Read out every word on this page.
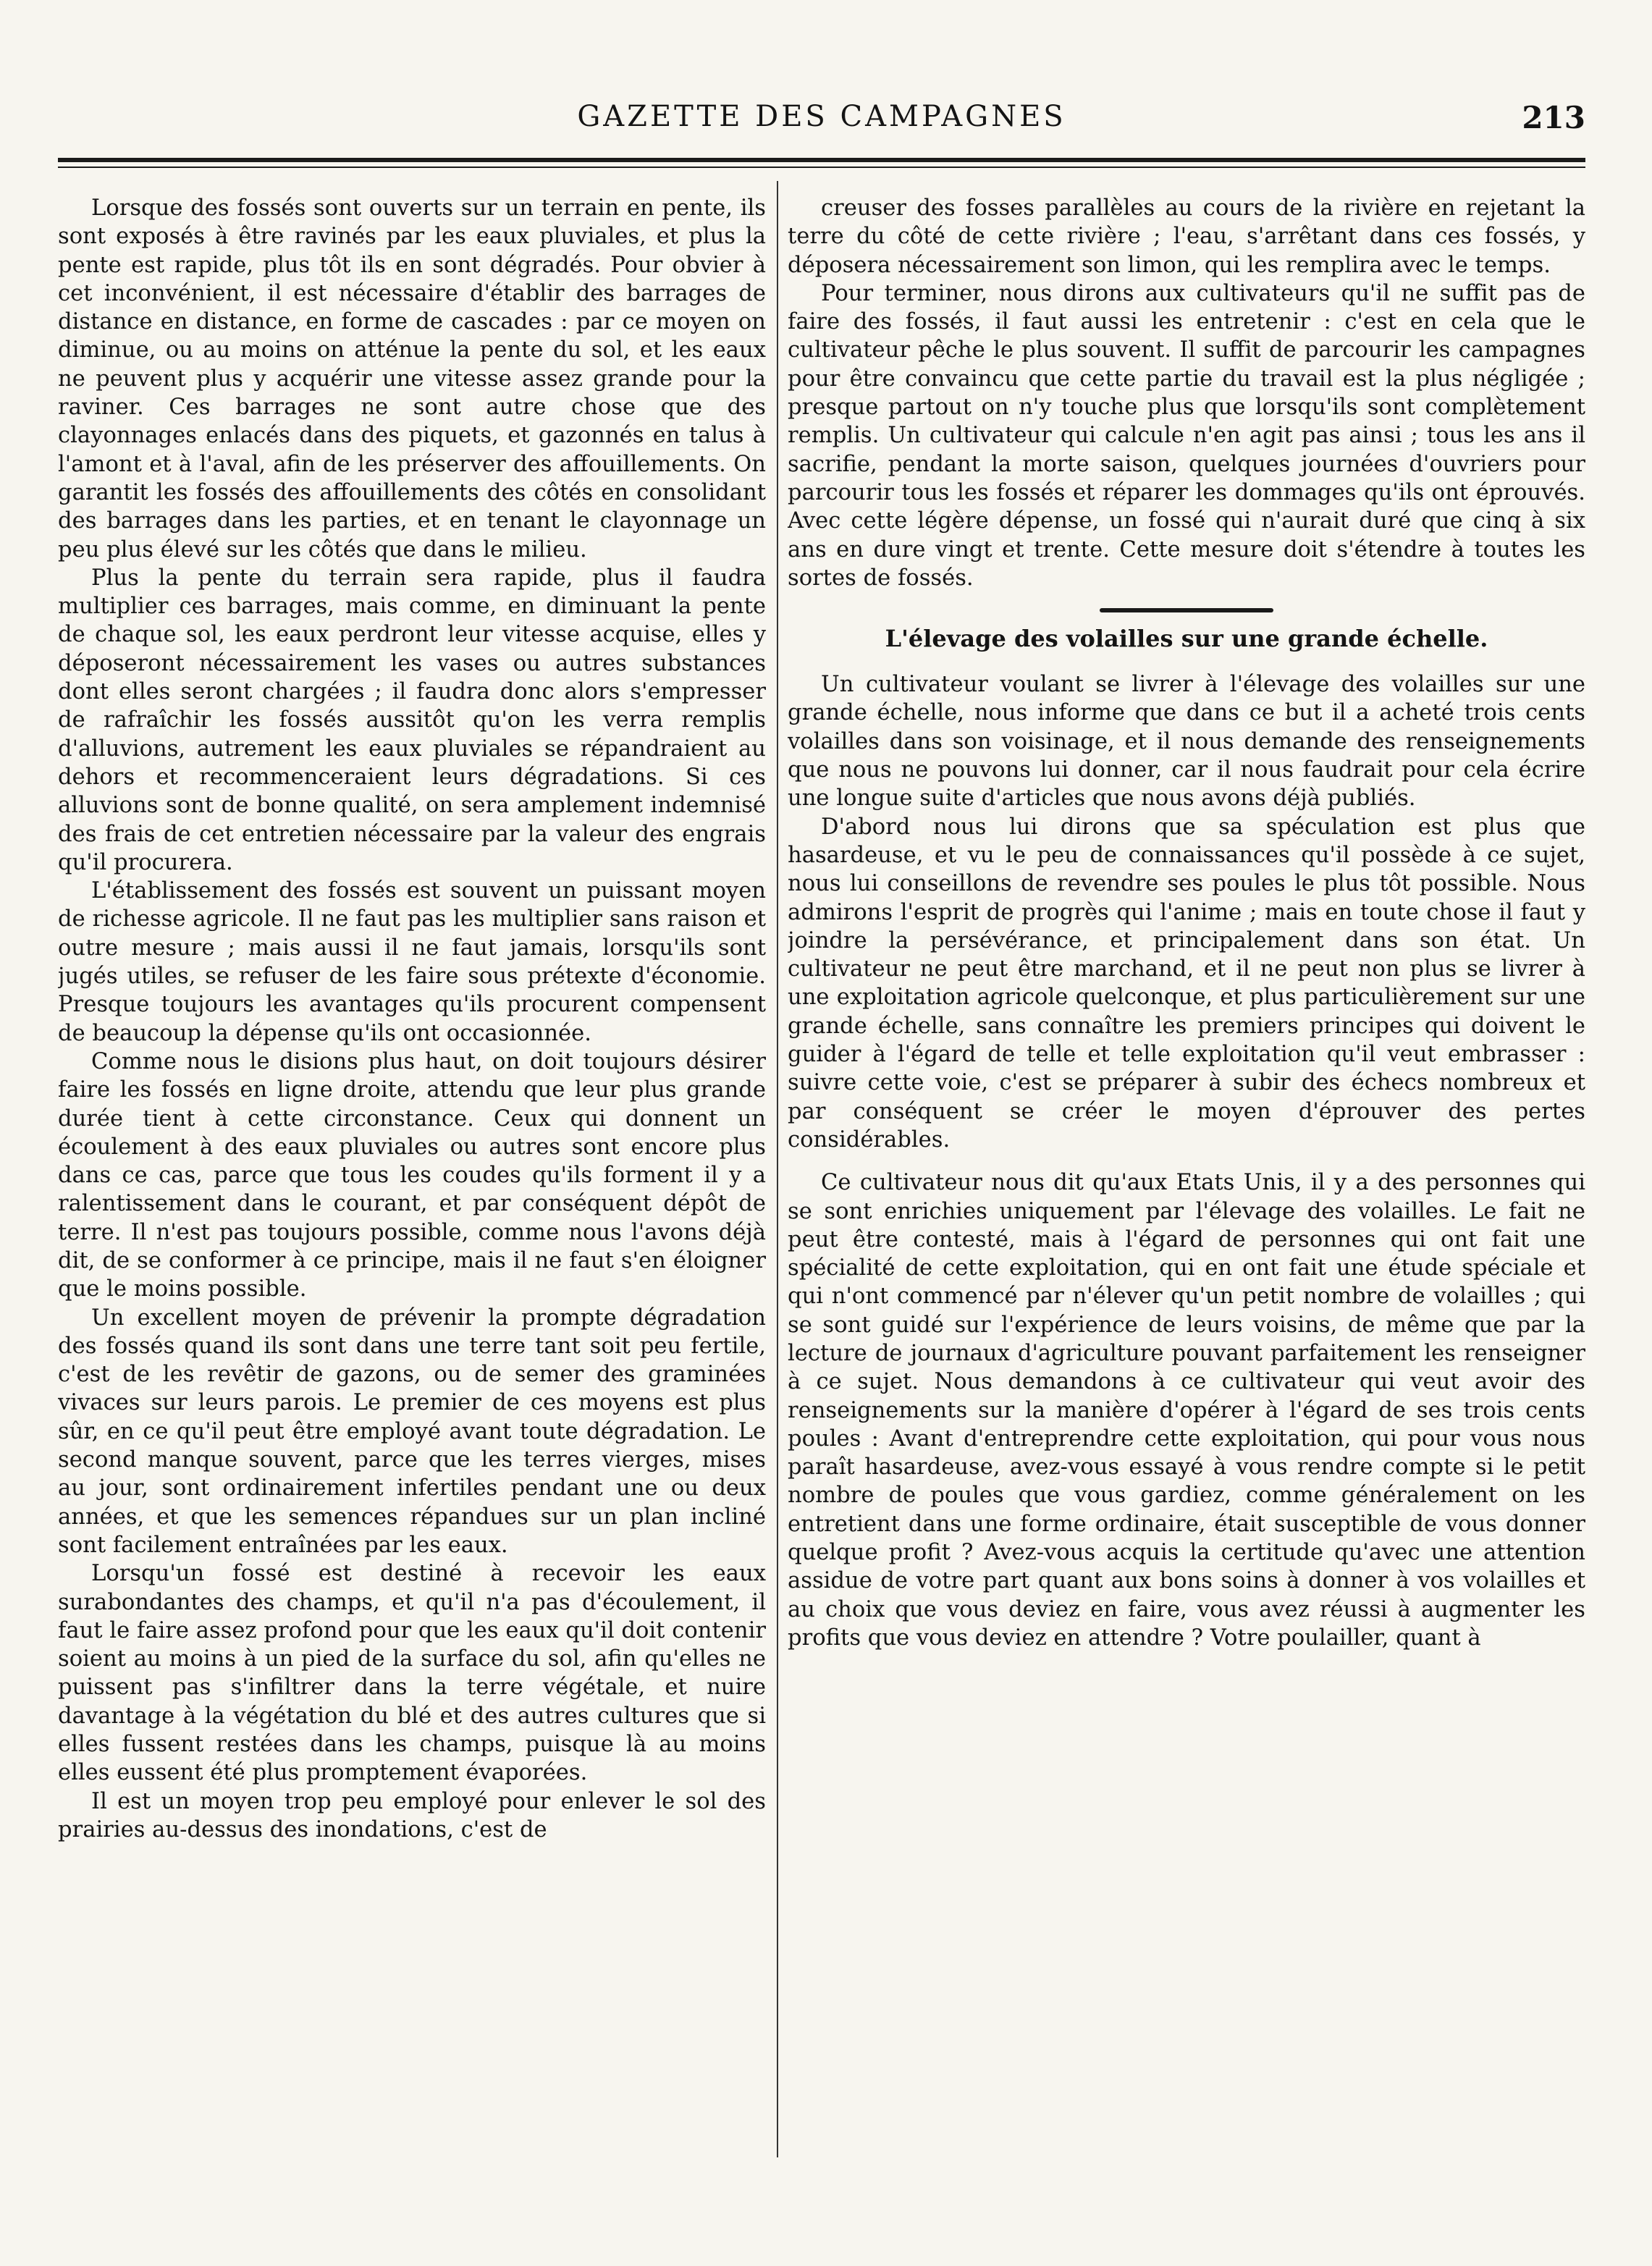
GAZETTE DES CAMPAGNES	213

Lorsque des fossés sont ouverts sur un terrain en pente, ils sont exposés à être ravinés par les eaux pluviales, et plus la pente est rapide, plus tôt ils en sont dégradés. Pour obvier à cet inconvénient, il est nécessaire d'établir des barrages de distance en distance, en forme de cascades : par ce moyen on diminue, ou au moins on atténue la pente du sol, et les eaux ne peuvent plus y acquérir une vitesse assez grande pour la raviner. Ces barrages ne sont autre chose que des clayonnages enlacés dans des piquets, et gazonnés en talus à l'amont et à l'aval, afin de les préserver des affouillements. On garantit les fossés des affouillements des côtés en consolidant des barrages dans les parties, et en tenant le clayonnage un peu plus élevé sur les côtés que dans le milieu.

Plus la pente du terrain sera rapide, plus il faudra multiplier ces barrages, mais comme, en diminuant la pente de chaque sol, les eaux perdront leur vitesse acquise, elles y déposeront nécessairement les vases ou autres substances dont elles seront chargées ; il faudra donc alors s'empresser de rafraîchir les fossés aussitôt qu'on les verra remplis d'alluvions, autrement les eaux pluviales se répandraient au dehors et recommenceraient leurs dégradations. Si ces alluvions sont de bonne qualité, on sera amplement indemnisé des frais de cet entretien nécessaire par la valeur des engrais qu'il procurera.

L'établissement des fossés est souvent un puissant moyen de richesse agricole. Il ne faut pas les multiplier sans raison et outre mesure ; mais aussi il ne faut jamais, lorsqu'ils sont jugés utiles, se refuser de les faire sous prétexte d'économie. Presque toujours les avantages qu'ils procurent compensent de beaucoup la dépense qu'ils ont occasionnée.

Comme nous le disions plus haut, on doit toujours désirer faire les fossés en ligne droite, attendu que leur plus grande durée tient à cette circonstance. Ceux qui donnent un écoulement à des eaux pluviales ou autres sont encore plus dans ce cas, parce que tous les coudes qu'ils forment il y a ralentissement dans le courant, et par conséquent dépôt de terre. Il n'est pas toujours possible, comme nous l'avons déjà dit, de se conformer à ce principe, mais il ne faut s'en éloigner que le moins possible.

Un excellent moyen de prévenir la prompte dégradation des fossés quand ils sont dans une terre tant soit peu fertile, c'est de les revêtir de gazons, ou de semer des graminées vivaces sur leurs parois. Le premier de ces moyens est plus sûr, en ce qu'il peut être employé avant toute dégradation. Le second manque souvent, parce que les terres vierges, mises au jour, sont ordinairement infertiles pendant une ou deux années, et que les semences répandues sur un plan incliné sont facilement entraînées par les eaux.

Lorsqu'un fossé est destiné à recevoir les eaux surabondantes des champs, et qu'il n'a pas d'écoulement, il faut le faire assez profond pour que les eaux qu'il doit contenir soient au moins à un pied de la surface du sol, afin qu'elles ne puissent pas s'infiltrer dans la terre végétale, et nuire davantage à la végétation du blé et des autres cultures que si elles fussent restées dans les champs, puisque là au moins elles eussent été plus promptement évaporées.

Il est un moyen trop peu employé pour enlever le sol des prairies au-dessus des inondations, c'est de

creuser des fosses parallèles au cours de la rivière en rejetant la terre du côté de cette rivière ; l'eau, s'arrêtant dans ces fossés, y déposera nécessairement son limon, qui les remplira avec le temps.

Pour terminer, nous dirons aux cultivateurs qu'il ne suffit pas de faire des fossés, il faut aussi les entretenir : c'est en cela que le cultivateur pêche le plus souvent. Il suffit de parcourir les campagnes pour être convaincu que cette partie du travail est la plus négligée ; presque partout on n'y touche plus que lorsqu'ils sont complètement remplis. Un cultivateur qui calcule n'en agit pas ainsi ; tous les ans il sacrifie, pendant la morte saison, quelques journées d'ouvriers pour parcourir tous les fossés et réparer les dommages qu'ils ont éprouvés. Avec cette légère dépense, un fossé qui n'aurait duré que cinq à six ans en dure vingt et trente. Cette mesure doit s'étendre à toutes les sortes de fossés.

L'élevage des volailles sur une grande échelle.

Un cultivateur voulant se livrer à l'élevage des volailles sur une grande échelle, nous informe que dans ce but il a acheté trois cents volailles dans son voisinage, et il nous demande des renseignements que nous ne pouvons lui donner, car il nous faudrait pour cela écrire une longue suite d'articles que nous avons déjà publiés.

D'abord nous lui dirons que sa spéculation est plus que hasardeuse, et vu le peu de connaissances qu'il possède à ce sujet, nous lui conseillons de revendre ses poules le plus tôt possible. Nous admirons l'esprit de progrès qui l'anime ; mais en toute chose il faut y joindre la persévérance, et principalement dans son état. Un cultivateur ne peut être marchand, et il ne peut non plus se livrer à une exploitation agricole quelconque, et plus particulièrement sur une grande échelle, sans connaître les premiers principes qui doivent le guider à l'égard de telle et telle exploitation qu'il veut embrasser : suivre cette voie, c'est se préparer à subir des échecs nombreux et par conséquent se créer le moyen d'éprouver des pertes considérables.

Ce cultivateur nous dit qu'aux Etats Unis, il y a des personnes qui se sont enrichies uniquement par l'élevage des volailles. Le fait ne peut être contesté, mais à l'égard de personnes qui ont fait une spécialité de cette exploitation, qui en ont fait une étude spéciale et qui n'ont commencé par n'élever qu'un petit nombre de volailles ; qui se sont guidé sur l'expérience de leurs voisins, de même que par la lecture de journaux d'agriculture pouvant parfaitement les renseigner à ce sujet. Nous demandons à ce cultivateur qui veut avoir des renseignements sur la manière d'opérer à l'égard de ses trois cents poules : Avant d'entreprendre cette exploitation, qui pour vous nous paraît hasardeuse, avez-vous essayé à vous rendre compte si le petit nombre de poules que vous gardiez, comme généralement on les entretient dans une forme ordinaire, était susceptible de vous donner quelque profit ? Avez-vous acquis la certitude qu'avec une attention assidue de votre part quant aux bons soins à donner à vos volailles et au choix que vous deviez en faire, vous avez réussi à augmenter les profits que vous deviez en attendre ? Votre poulailler, quant à
